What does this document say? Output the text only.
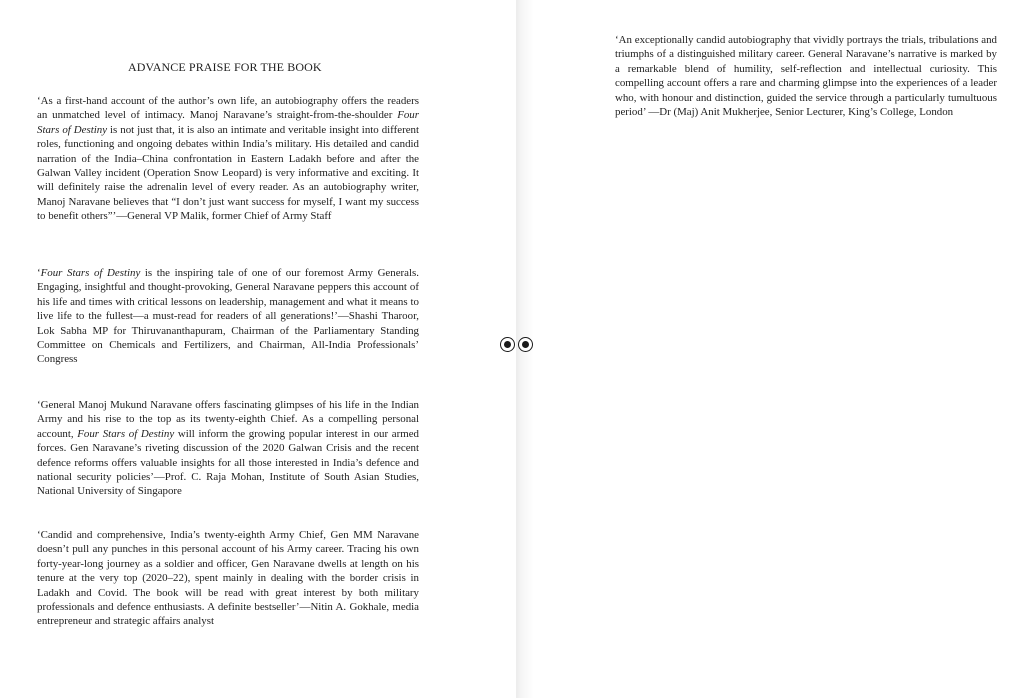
ADVANCE PRAISE FOR THE BOOK

‘As a first-hand account of the author’s own life, an autobiography offers the readers an unmatched level of intimacy. Manoj Naravane’s straight-from-the-shoulder Four Stars of Destiny is not just that, it is also an intimate and veritable insight into different roles, functioning and ongoing debates within India’s military. His detailed and candid narration of the India–China confrontation in Eastern Ladakh before and after the Galwan Valley incident (Operation Snow Leopard) is very informative and exciting. It will definitely raise the adrenalin level of every reader. As an autobiography writer, Manoj Naravane believes that “I don’t just want success for myself, I want my success to benefit others”’—General VP Malik, former Chief of Army Staff

‘Four Stars of Destiny is the inspiring tale of one of our foremost Army Generals. Engaging, insightful and thought-provoking, General Naravane peppers this account of his life and times with critical lessons on leadership, management and what it means to live life to the fullest—a must-read for readers of all generations!’—Shashi Tharoor, Lok Sabha MP for Thiruvananthapuram, Chairman of the Parliamentary Standing Committee on Chemicals and Fertilizers, and Chairman, All-India Professionals’ Congress

‘General Manoj Mukund Naravane offers fascinating glimpses of his life in the Indian Army and his rise to the top as its twenty-eighth Chief. As a compelling personal account, Four Stars of Destiny will inform the growing popular interest in our armed forces. Gen Naravane’s riveting discussion of the 2020 Galwan Crisis and the recent defence reforms offers valuable insights for all those interested in India’s defence and national security policies’—Prof. C. Raja Mohan, Institute of South Asian Studies, National University of Singapore

‘Candid and comprehensive, India’s twenty-eighth Army Chief, Gen MM Naravane doesn’t pull any punches in this personal account of his Army career. Tracing his own forty-year-long journey as a soldier and officer, Gen Naravane dwells at length on his tenure at the very top (2020–22), spent mainly in dealing with the border crisis in Ladakh and Covid. The book will be read with great interest by both military professionals and defence enthusiasts. A definite bestseller’—Nitin A. Gokhale, media entrepreneur and strategic affairs analyst

‘An exceptionally candid autobiography that vividly portrays the trials, tribulations and triumphs of a distinguished military career. General Naravane’s narrative is marked by a remarkable blend of humility, self-reflection and intellectual curiosity. This compelling account offers a rare and charming glimpse into the experiences of a leader who, with honour and distinction, guided the service through a particularly tumultuous period’ —Dr (Maj) Anit Mukherjee, Senior Lecturer, King’s College, London
